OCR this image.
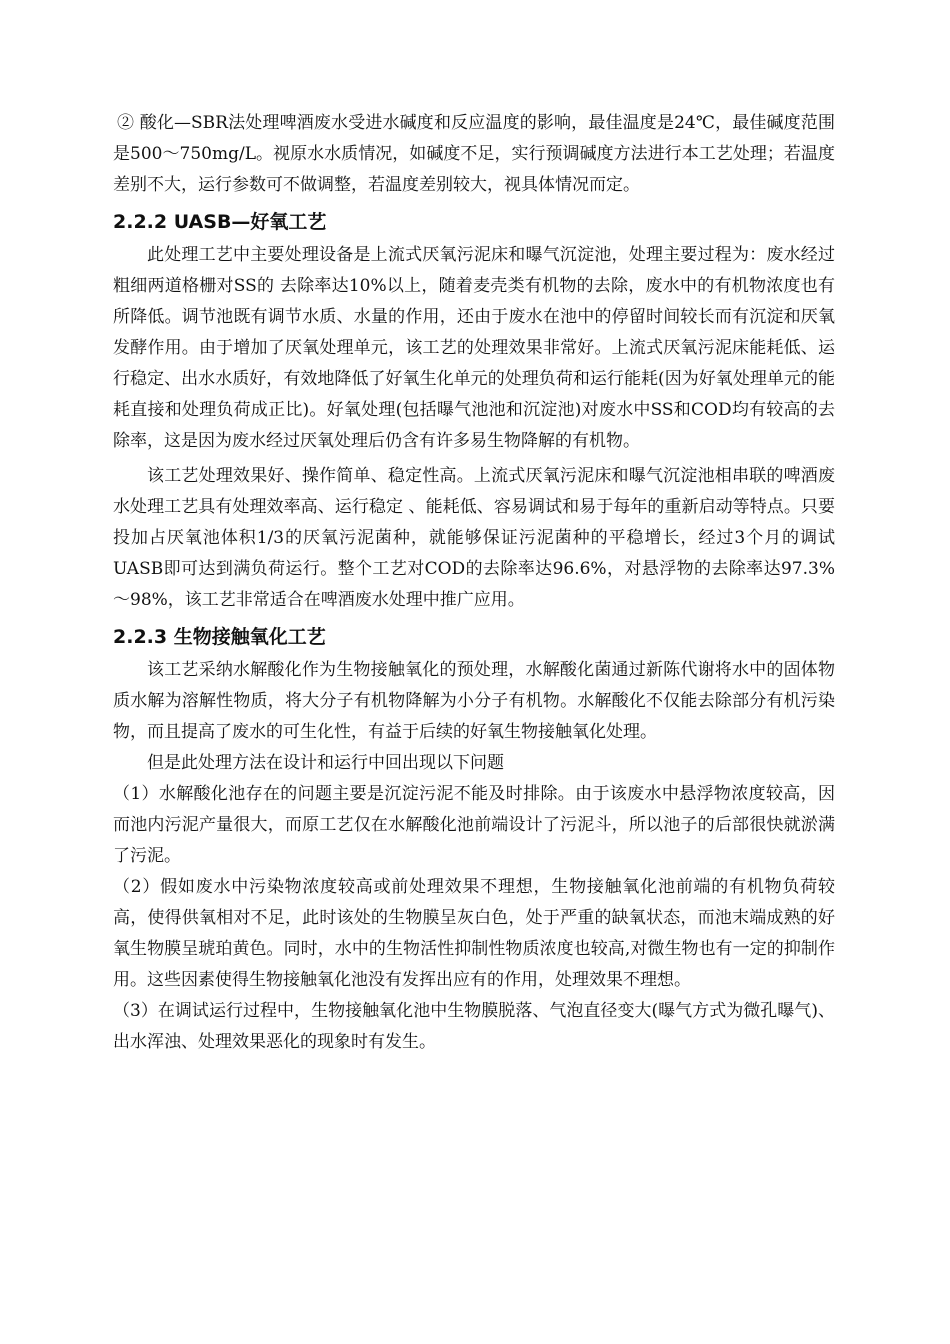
② 酸化—SBR法处理啤酒废水受进水碱度和反应温度的影响，最佳温度是24℃，最佳碱度范围是500～750mg/L。视原水水质情况，如碱度不足，实行预调碱度方法进行本工艺处理；若温度差别不大，运行参数可不做调整，若温度差别较大，视具体情况而定。

2.2.2 UASB—好氧工艺

此处理工艺中主要处理设备是上流式厌氧污泥床和曝气沉淀池，处理主要过程为：废水经过粗细两道格栅对SS的 去除率达10%以上，随着麦壳类有机物的去除，废水中的有机物浓度也有所降低。调节池既有调节水质、水量的作用，还由于废水在池中的停留时间较长而有沉淀和厌氧发酵作用。由于增加了厌氧处理单元，该工艺的处理效果非常好。上流式厌氧污泥床能耗低、运行稳定、出水水质好，有效地降低了好氧生化单元的处理负荷和运行能耗(因为好氧处理单元的能耗直接和处理负荷成正比)。好氧处理(包括曝气池池和沉淀池)对废水中SS和COD均有较高的去除率，这是因为废水经过厌氧处理后仍含有许多易生物降解的有机物。

该工艺处理效果好、操作简单、稳定性高。上流式厌氧污泥床和曝气沉淀池相串联的啤酒废水处理工艺具有处理效率高、运行稳定 、能耗低、容易调试和易于每年的重新启动等特点。只要投加占厌氧池体积1/3的厌氧污泥菌种，就能够保证污泥菌种的平稳增长，经过3个月的调试UASB即可达到满负荷运行。整个工艺对COD的去除率达96.6%，对悬浮物的去除率达97.3%～98%，该工艺非常适合在啤酒废水处理中推广应用。

2.2.3 生物接触氧化工艺

该工艺采纳水解酸化作为生物接触氧化的预处理，水解酸化菌通过新陈代谢将水中的固体物质水解为溶解性物质，将大分子有机物降解为小分子有机物。水解酸化不仅能去除部分有机污染物，而且提高了废水的可生化性，有益于后续的好氧生物接触氧化处理。

但是此处理方法在设计和运行中回出现以下问题

（1）水解酸化池存在的问题主要是沉淀污泥不能及时排除。由于该废水中悬浮物浓度较高，因而池内污泥产量很大，而原工艺仅在水解酸化池前端设计了污泥斗，所以池子的后部很快就淤满了污泥。

（2）假如废水中污染物浓度较高或前处理效果不理想，生物接触氧化池前端的有机物负荷较高，使得供氧相对不足，此时该处的生物膜呈灰白色，处于严重的缺氧状态，而池末端成熟的好氧生物膜呈琥珀黄色。同时，水中的生物活性抑制性物质浓度也较高,对微生物也有一定的抑制作用。这些因素使得生物接触氧化池没有发挥出应有的作用，处理效果不理想。

（3）在调试运行过程中，生物接触氧化池中生物膜脱落、气泡直径变大(曝气方式为微孔曝气)、出水浑浊、处理效果恶化的现象时有发生。
